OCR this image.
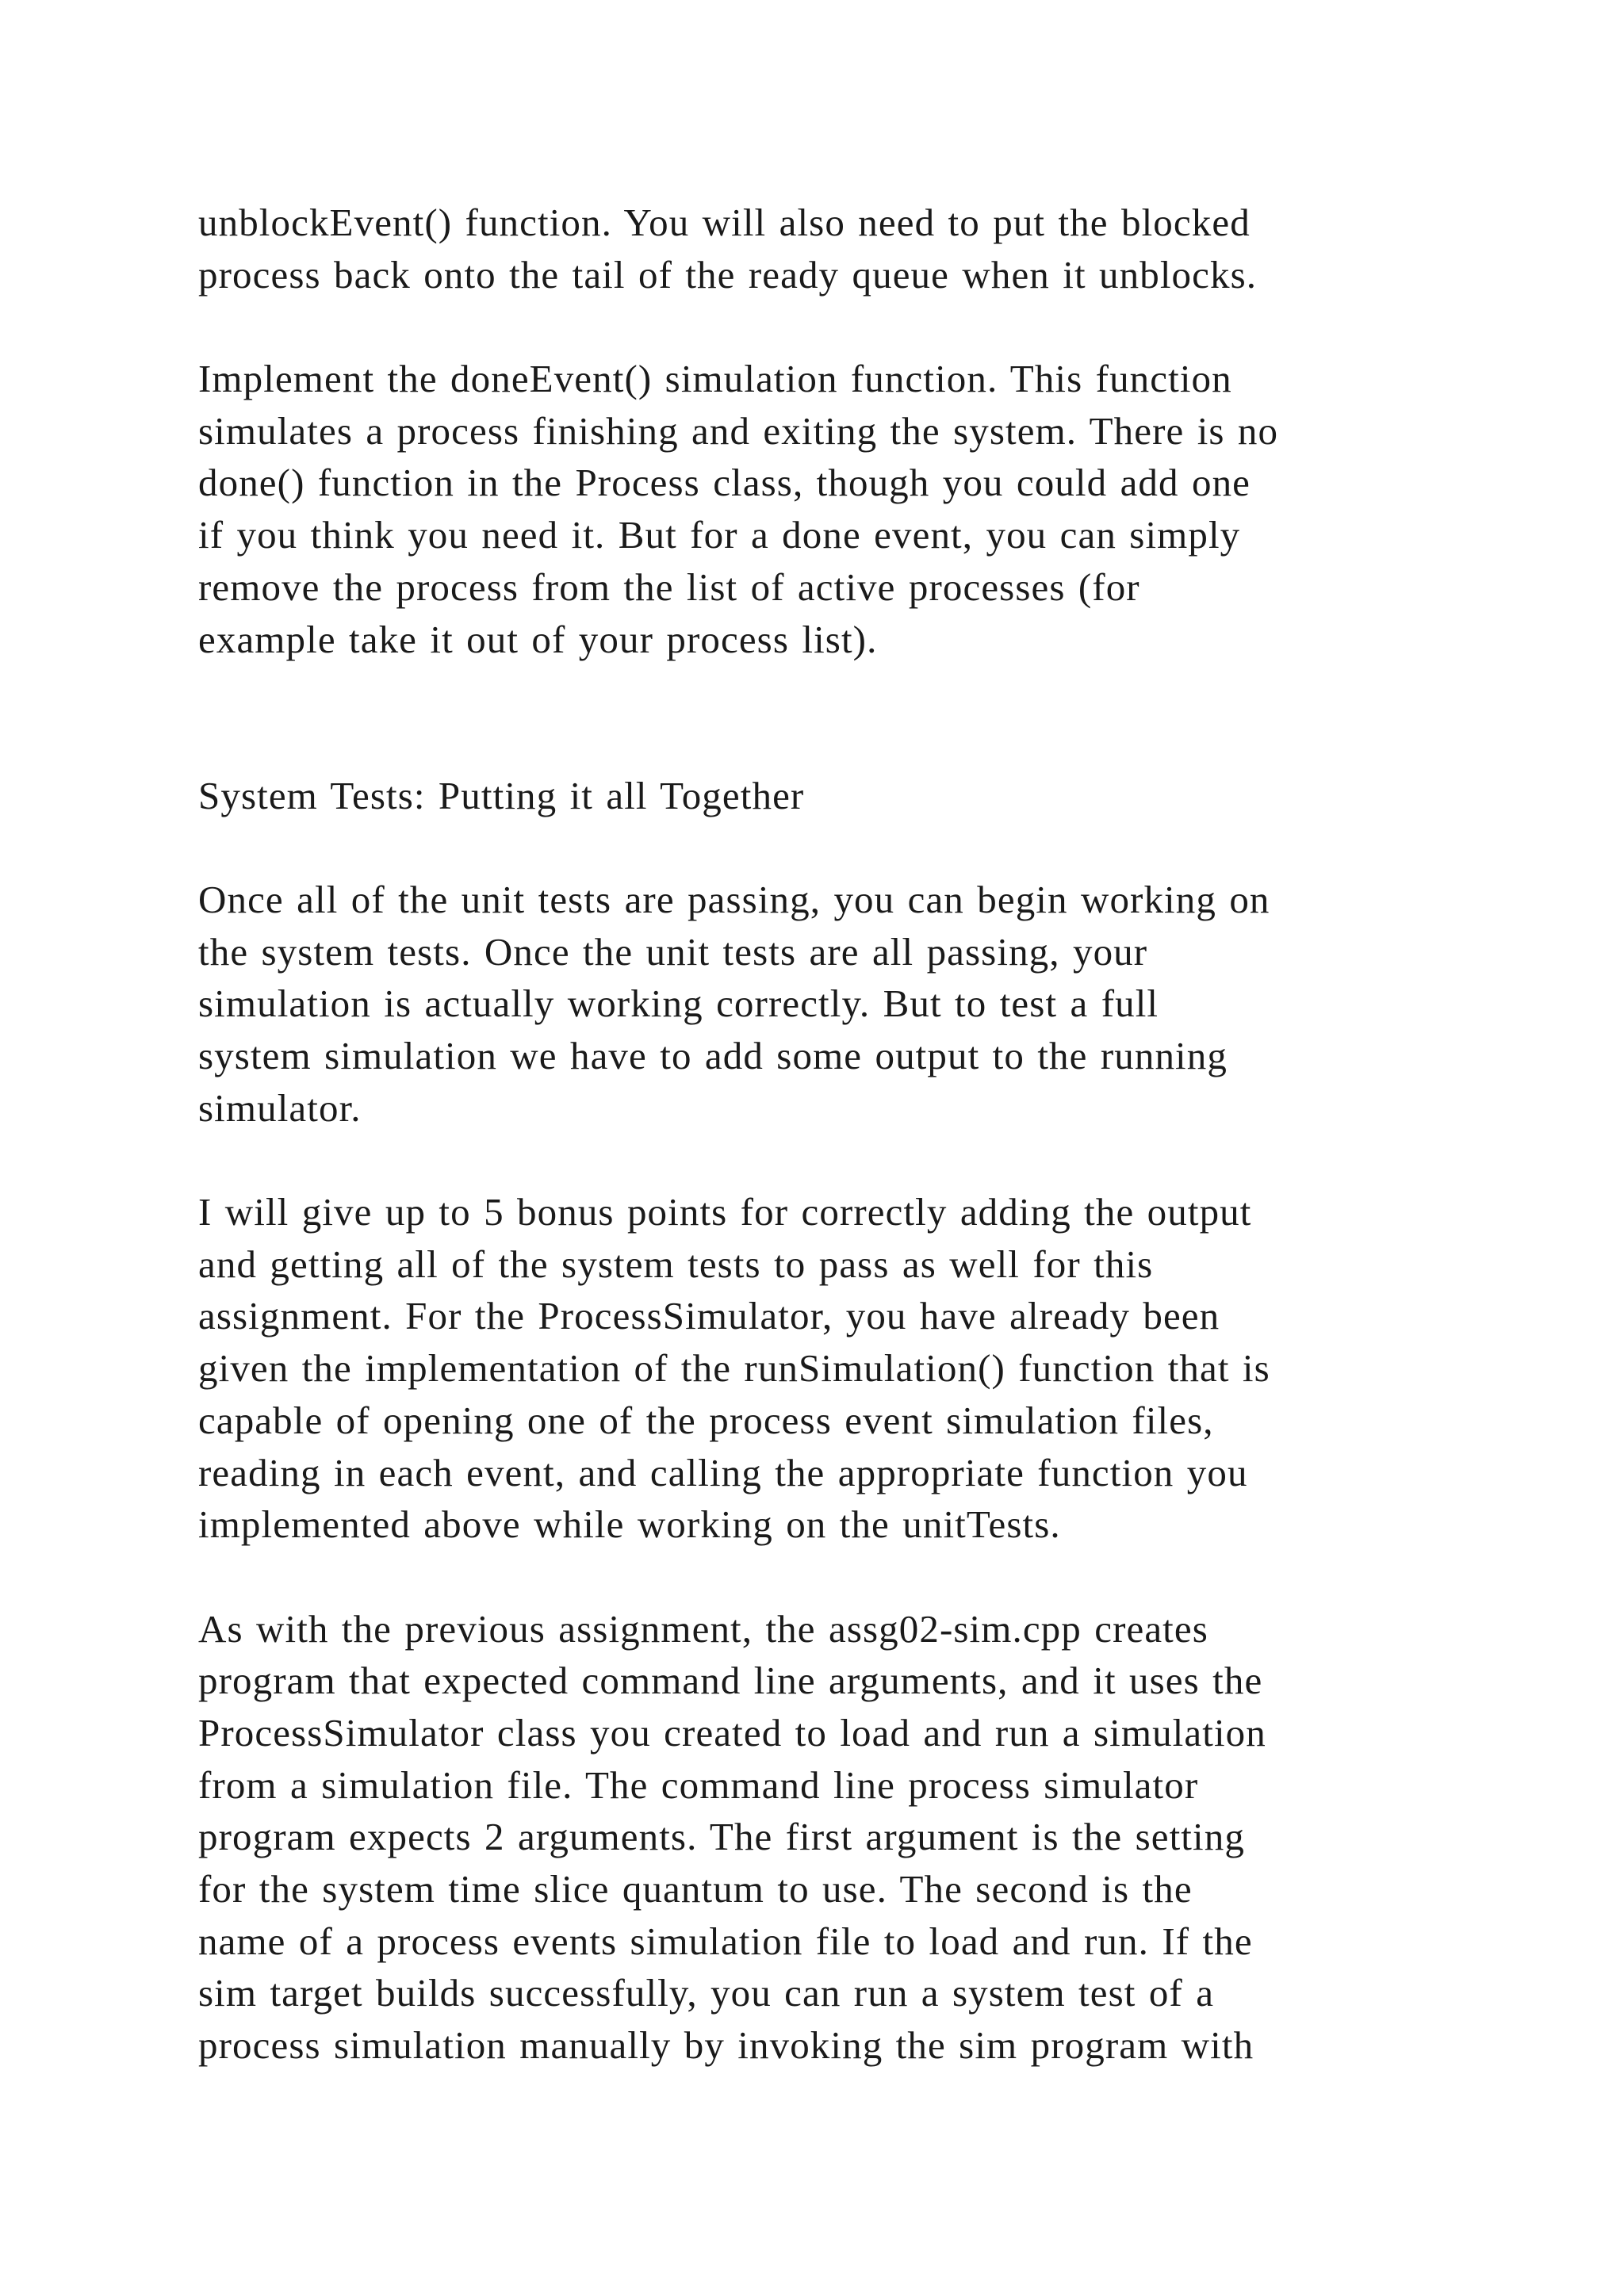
unblockEvent() function. You will also need to put the blocked
process back onto the tail of the ready queue when it unblocks.
Implement the doneEvent() simulation function. This function
simulates a process finishing and exiting the system. There is no
done() function in the Process class, though you could add one
if you think you need it. But for a done event, you can simply
remove the process from the list of active processes (for
example take it out of your process list).
System Tests: Putting it all Together
Once all of the unit tests are passing, you can begin working on
the system tests. Once the unit tests are all passing, your
simulation is actually working correctly. But to test a full
system simulation we have to add some output to the running
simulator.
I will give up to 5 bonus points for correctly adding the output
and getting all of the system tests to pass as well for this
assignment. For the ProcessSimulator, you have already been
given the implementation of the runSimulation() function that is
capable of opening one of the process event simulation files,
reading in each event, and calling the appropriate function you
implemented above while working on the unitTests.
As with the previous assignment, the assg02-sim.cpp creates
program that expected command line arguments, and it uses the
ProcessSimulator class you created to load and run a simulation
from a simulation file. The command line process simulator
program expects 2 arguments. The first argument is the setting
for the system time slice quantum to use. The second is the
name of a process events simulation file to load and run. If the
sim target builds successfully, you can run a system test of a
process simulation manually by invoking the sim program with
